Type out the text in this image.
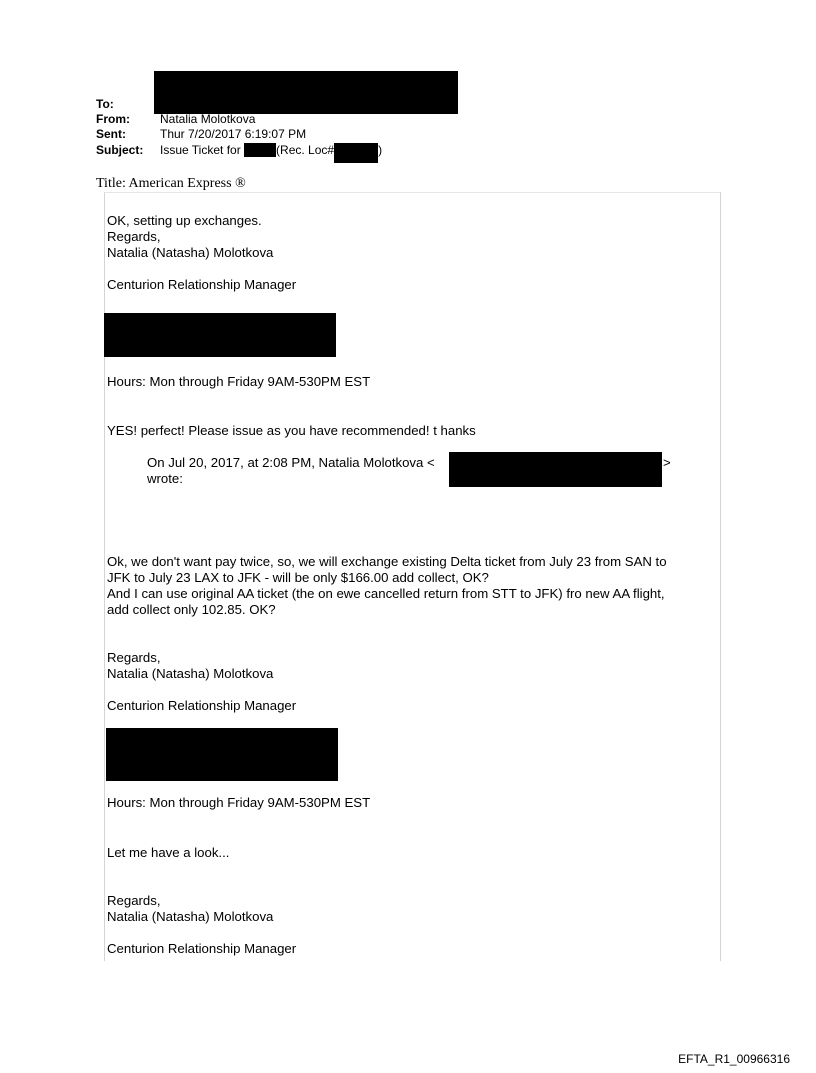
To:
From:	Natalia Molotkova
Sent:	Thur 7/20/2017 6:19:07 PM
Subject: Issue Ticket for	(Rec. Loc#	)
Title: American Express ®
OK, setting up exchanges.
Regards,
Natalia (Natasha) Molotkova
Centurion Relationship Manager
Hours: Mon through Friday 9AM-530PM EST
YES! perfect! Please issue as you have recommended! t hanks
On Jul 20, 2017, at 2:08 PM, Natalia Molotkova <	>
wrote:
Ok, we don't want pay twice, so, we will exchange existing Delta ticket from July 23 from SAN to
JFK to July 23 LAX to JFK - will be only $166.00 add collect, OK?
And I can use original AA ticket (the on ewe cancelled return from STT to JFK) fro new AA flight,
add collect only 102.85. OK?
Regards,
Natalia (Natasha) Molotkova
Centurion Relationship Manager
Hours: Mon through Friday 9AM-530PM EST
Let me have a look...
Regards,
Natalia (Natasha) Molotkova
Centurion Relationship Manager
EFTA_R1_00966316
